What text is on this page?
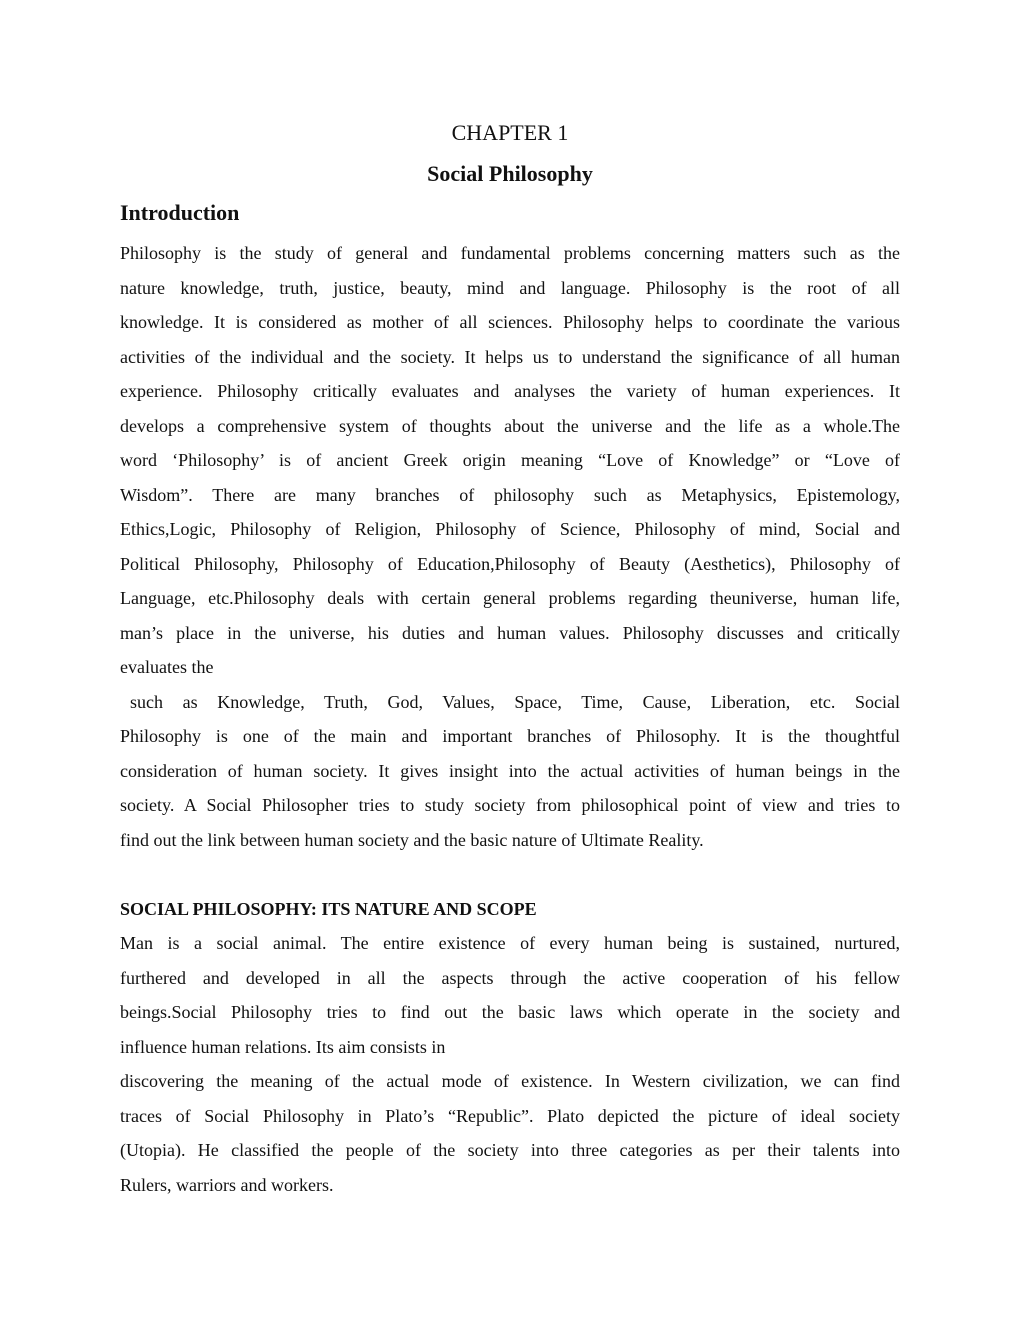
CHAPTER 1
Social Philosophy
Introduction
Philosophy is the study of general and fundamental problems concerning matters such as the
nature knowledge, truth, justice, beauty, mind and language. Philosophy is the root of all
knowledge. It is considered as mother of all sciences. Philosophy helps to coordinate the various
activities of the individual and the society. It helps us to understand the significance of all human
experience. Philosophy critically evaluates and analyses the variety of human experiences. It
develops a comprehensive system of thoughts about the universe and the life as a whole.The
word ‘Philosophy’ is of ancient Greek origin meaning “Love of Knowledge” or “Love of
Wisdom”. There are many branches of philosophy such as Metaphysics, Epistemology,
Ethics,Logic, Philosophy of Religion, Philosophy of Science, Philosophy of mind, Social and
Political Philosophy, Philosophy of Education,Philosophy of Beauty (Aesthetics), Philosophy of
Language, etc.Philosophy deals with certain general problems regarding theuniverse, human life,
man’s place in the universe, his duties and human values. Philosophy discusses and critically
evaluates the
such as Knowledge, Truth, God, Values, Space, Time, Cause, Liberation, etc. Social
Philosophy is one of the main and important branches of Philosophy. It is the thoughtful
consideration of human society. It gives insight into the actual activities of human beings in the
society. A Social Philosopher tries to study society from philosophical point of view and tries to
find out the link between human society and the basic nature of Ultimate Reality.
SOCIAL PHILOSOPHY: ITS NATURE AND SCOPE
Man is a social animal. The entire existence of every human being is sustained, nurtured,
furthered and developed in all the aspects through the active cooperation of his fellow
beings.Social Philosophy tries to find out the basic laws which operate in the society and
influence human relations. Its aim consists in
discovering the meaning of the actual mode of existence. In Western civilization, we can find
traces of Social Philosophy in Plato’s “Republic”. Plato depicted the picture of ideal society
(Utopia). He classified the people of the society into three categories as per their talents into
Rulers, warriors and workers.
